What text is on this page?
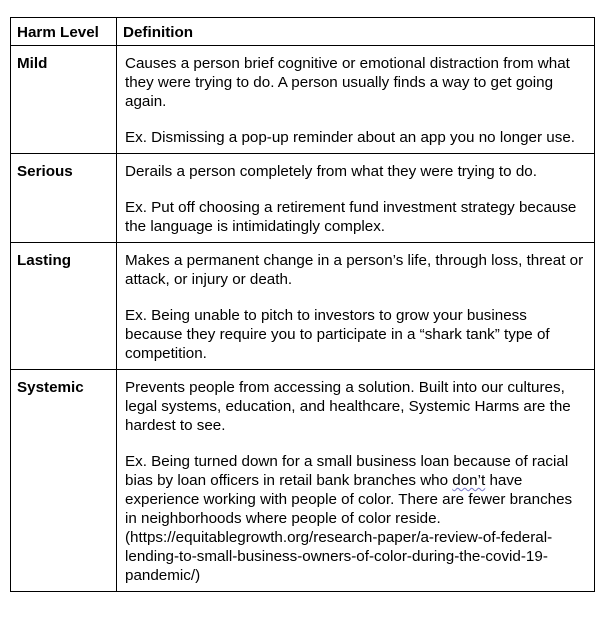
Harm Level	Definition
Mild	Causes a person brief cognitive or emotional distraction from what they were trying to do. A person usually finds a way to get going again.

Ex. Dismissing a pop-up reminder about an app you no longer use.

Serious	Derails a person completely from what they were trying to do.

Ex. Put off choosing a retirement fund investment strategy because the language is intimidatingly complex.

Lasting	Makes a permanent change in a person’s life, through loss, threat or attack, or injury or death.

Ex. Being unable to pitch to investors to grow your business because they require you to participate in a “shark tank” type of competition.

Systemic	Prevents people from accessing a solution. Built into our cultures, legal systems, education, and healthcare, Systemic Harms are the hardest to see.

Ex. Being turned down for a small business loan because of racial bias by loan officers in retail bank branches who don’t have experience working with people of color. There are fewer branches in neighborhoods where people of color reside. (https://equitablegrowth.org/research-paper/a-review-of-federal-lending-to-small-business-owners-of-color-during-the-covid-19-pandemic/)
